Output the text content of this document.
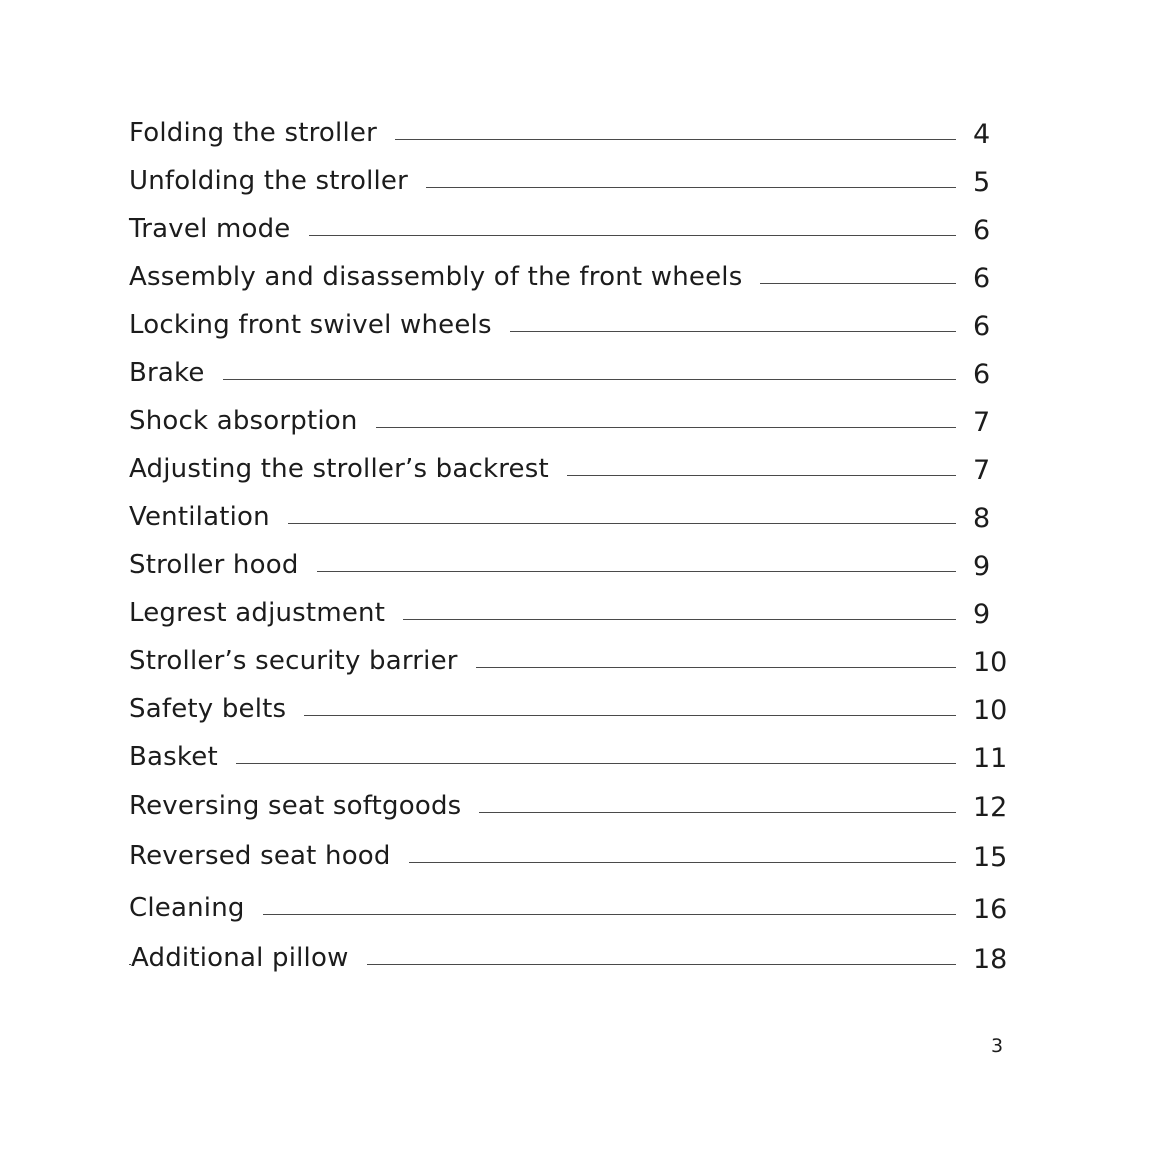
Folding the stroller	4
Unfolding the stroller	5
Travel mode	6
Assembly and disassembly of the front wheels	6
Locking front swivel wheels	6
Brake	6
Shock absorption	7
Adjusting the stroller’s backrest	7
Ventilation	8
Stroller hood	9
Legrest adjustment	9
Stroller’s security barrier	10
Safety belts	10
Basket	11
Reversing seat softgoods	12
Reversed seat hood	15
Cleaning	16
Additional pillow	18
3
